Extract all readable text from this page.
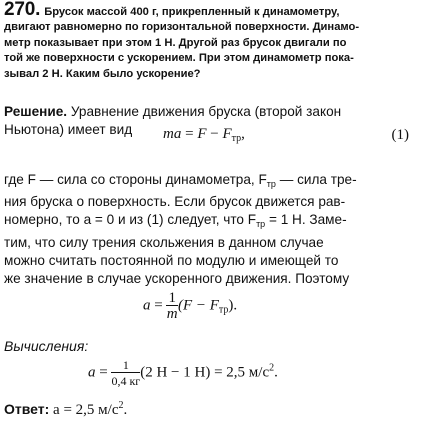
270. Брусок массой 400 г, прикрепленный к динамометру,
двигают равномерно по горизонтальной поверхности. Динамо-
метр показывает при этом 1 Н. Другой раз брусок двигали по
той же поверхности с ускорением. При этом динамометр пока-
зывал 2 Н. Каким было ускорение?
Решение. Уравнение движения бруска (второй закон
Ньютона) имеет вид	ma = $F - F_{тр}$,	(1)
где F — сила со стороны динамометра, $F_{тр}$ — сила тре-
ния бруска о поверхность. Если брусок движется рав-
номерно, то a = 0 и из (1) следует, что $F_{тр} = 1$ Н. Заме-
тим, что силу трения скольжения в данном случае
можно считать постоянной по модулю и имеющей то
же значение в случае ускоренного движения. Поэтому
$a = \frac{1}{m} (F - F_{тр})$.
Вычисления:
$a = \frac{1}{0,4 кг} (2$ Н − 1 Н) = 2,5 $м/с^2$.
Ответ: a = 2,5 $м/с^2$.
